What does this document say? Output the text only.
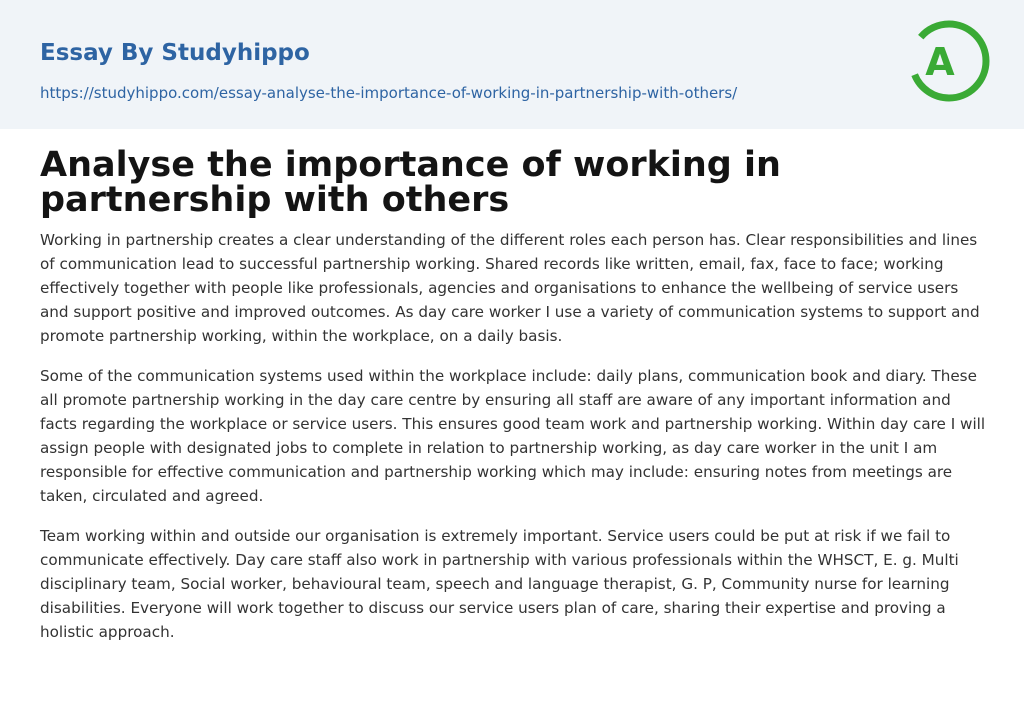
Essay By Studyhippo
https://studyhippo.com/essay-analyse-the-importance-of-working-in-partnership-with-others/
A
Analyse the importance of working in partnership with others

Working in partnership creates a clear understanding of the different roles each person has. Clear responsibilities and lines of communication lead to successful partnership working. Shared records like written, email, fax, face to face; working effectively together with people like professionals, agencies and organisations to enhance the wellbeing of service users and support positive and improved outcomes. As day care worker I use a variety of communication systems to support and promote partnership working, within the workplace, on a daily basis.

Some of the communication systems used within the workplace include: daily plans, communication book and diary. These all promote partnership working in the day care centre by ensuring all staff are aware of any important information and facts regarding the workplace or service users. This ensures good team work and partnership working. Within day care I will assign people with designated jobs to complete in relation to partnership working, as day care worker in the unit I am responsible for effective communication and partnership working which may include: ensuring notes from meetings are taken, circulated and agreed.

Team working within and outside our organisation is extremely important. Service users could be put at risk if we fail to communicate effectively. Day care staff also work in partnership with various professionals within the WHSCT, E. g. Multi disciplinary team, Social worker, behavioural team, speech and language therapist, G. P, Community nurse for learning disabilities. Everyone will work together to discuss our service users plan of care, sharing their expertise and proving a holistic approach.
